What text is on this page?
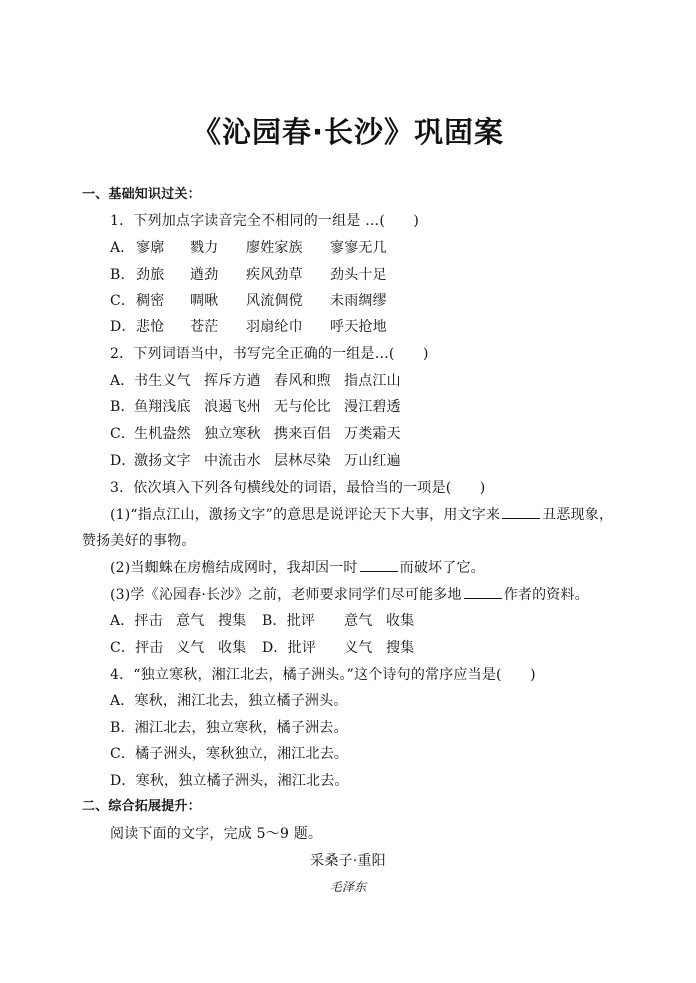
《沁园春·长沙》巩固案
一、基础知识过关：
1．下列加点字读音完全不相同的一组是 …(　　)
A．寥廓 戮力 廖姓家族 寥寥无几
B．劲旅 遒劲 疾风劲草 劲头十足
C．稠密 啁啾 风流倜傥 未雨绸缪
D．悲怆 苍茫 羽扇纶巾 呼天抢地
2．下列词语当中，书写完全正确的一组是…(　　)
A．书生义气 挥斥方遒 春风和煦 指点江山
B．鱼翔浅底 浪遏飞州 无与伦比 漫江碧透
C．生机盎然 独立寒秋 携来百侣 万类霜天
D．激扬文字 中流击水 层林尽染 万山红遍
3．依次填入下列各句横线处的词语，最恰当的一项是(　　)
(1)“指点江山，激扬文字”的意思是说评论天下大事，用文字来	丑恶现象，
赞扬美好的事物。
(2)当蜘蛛在房檐结成网时，我却因一时	而破坏了它。
(3)学《沁园春·长沙》之前，老师要求同学们尽可能多地	作者的资料。
A．抨击 意气 搜集 B．批评 意气 收集
C．抨击 义气 收集 D．批评 义气 搜集
4．“独立寒秋，湘江北去，橘子洲头。”这个诗句的常序应当是(　　)
A．寒秋，湘江北去，独立橘子洲头。
B．湘江北去，独立寒秋，橘子洲去。
C．橘子洲头，寒秋独立，湘江北去。
D．寒秋，独立橘子洲头，湘江北去。
二、综合拓展提升：
阅读下面的文字，完成 5～9 题。
采桑子·重阳
毛泽东
